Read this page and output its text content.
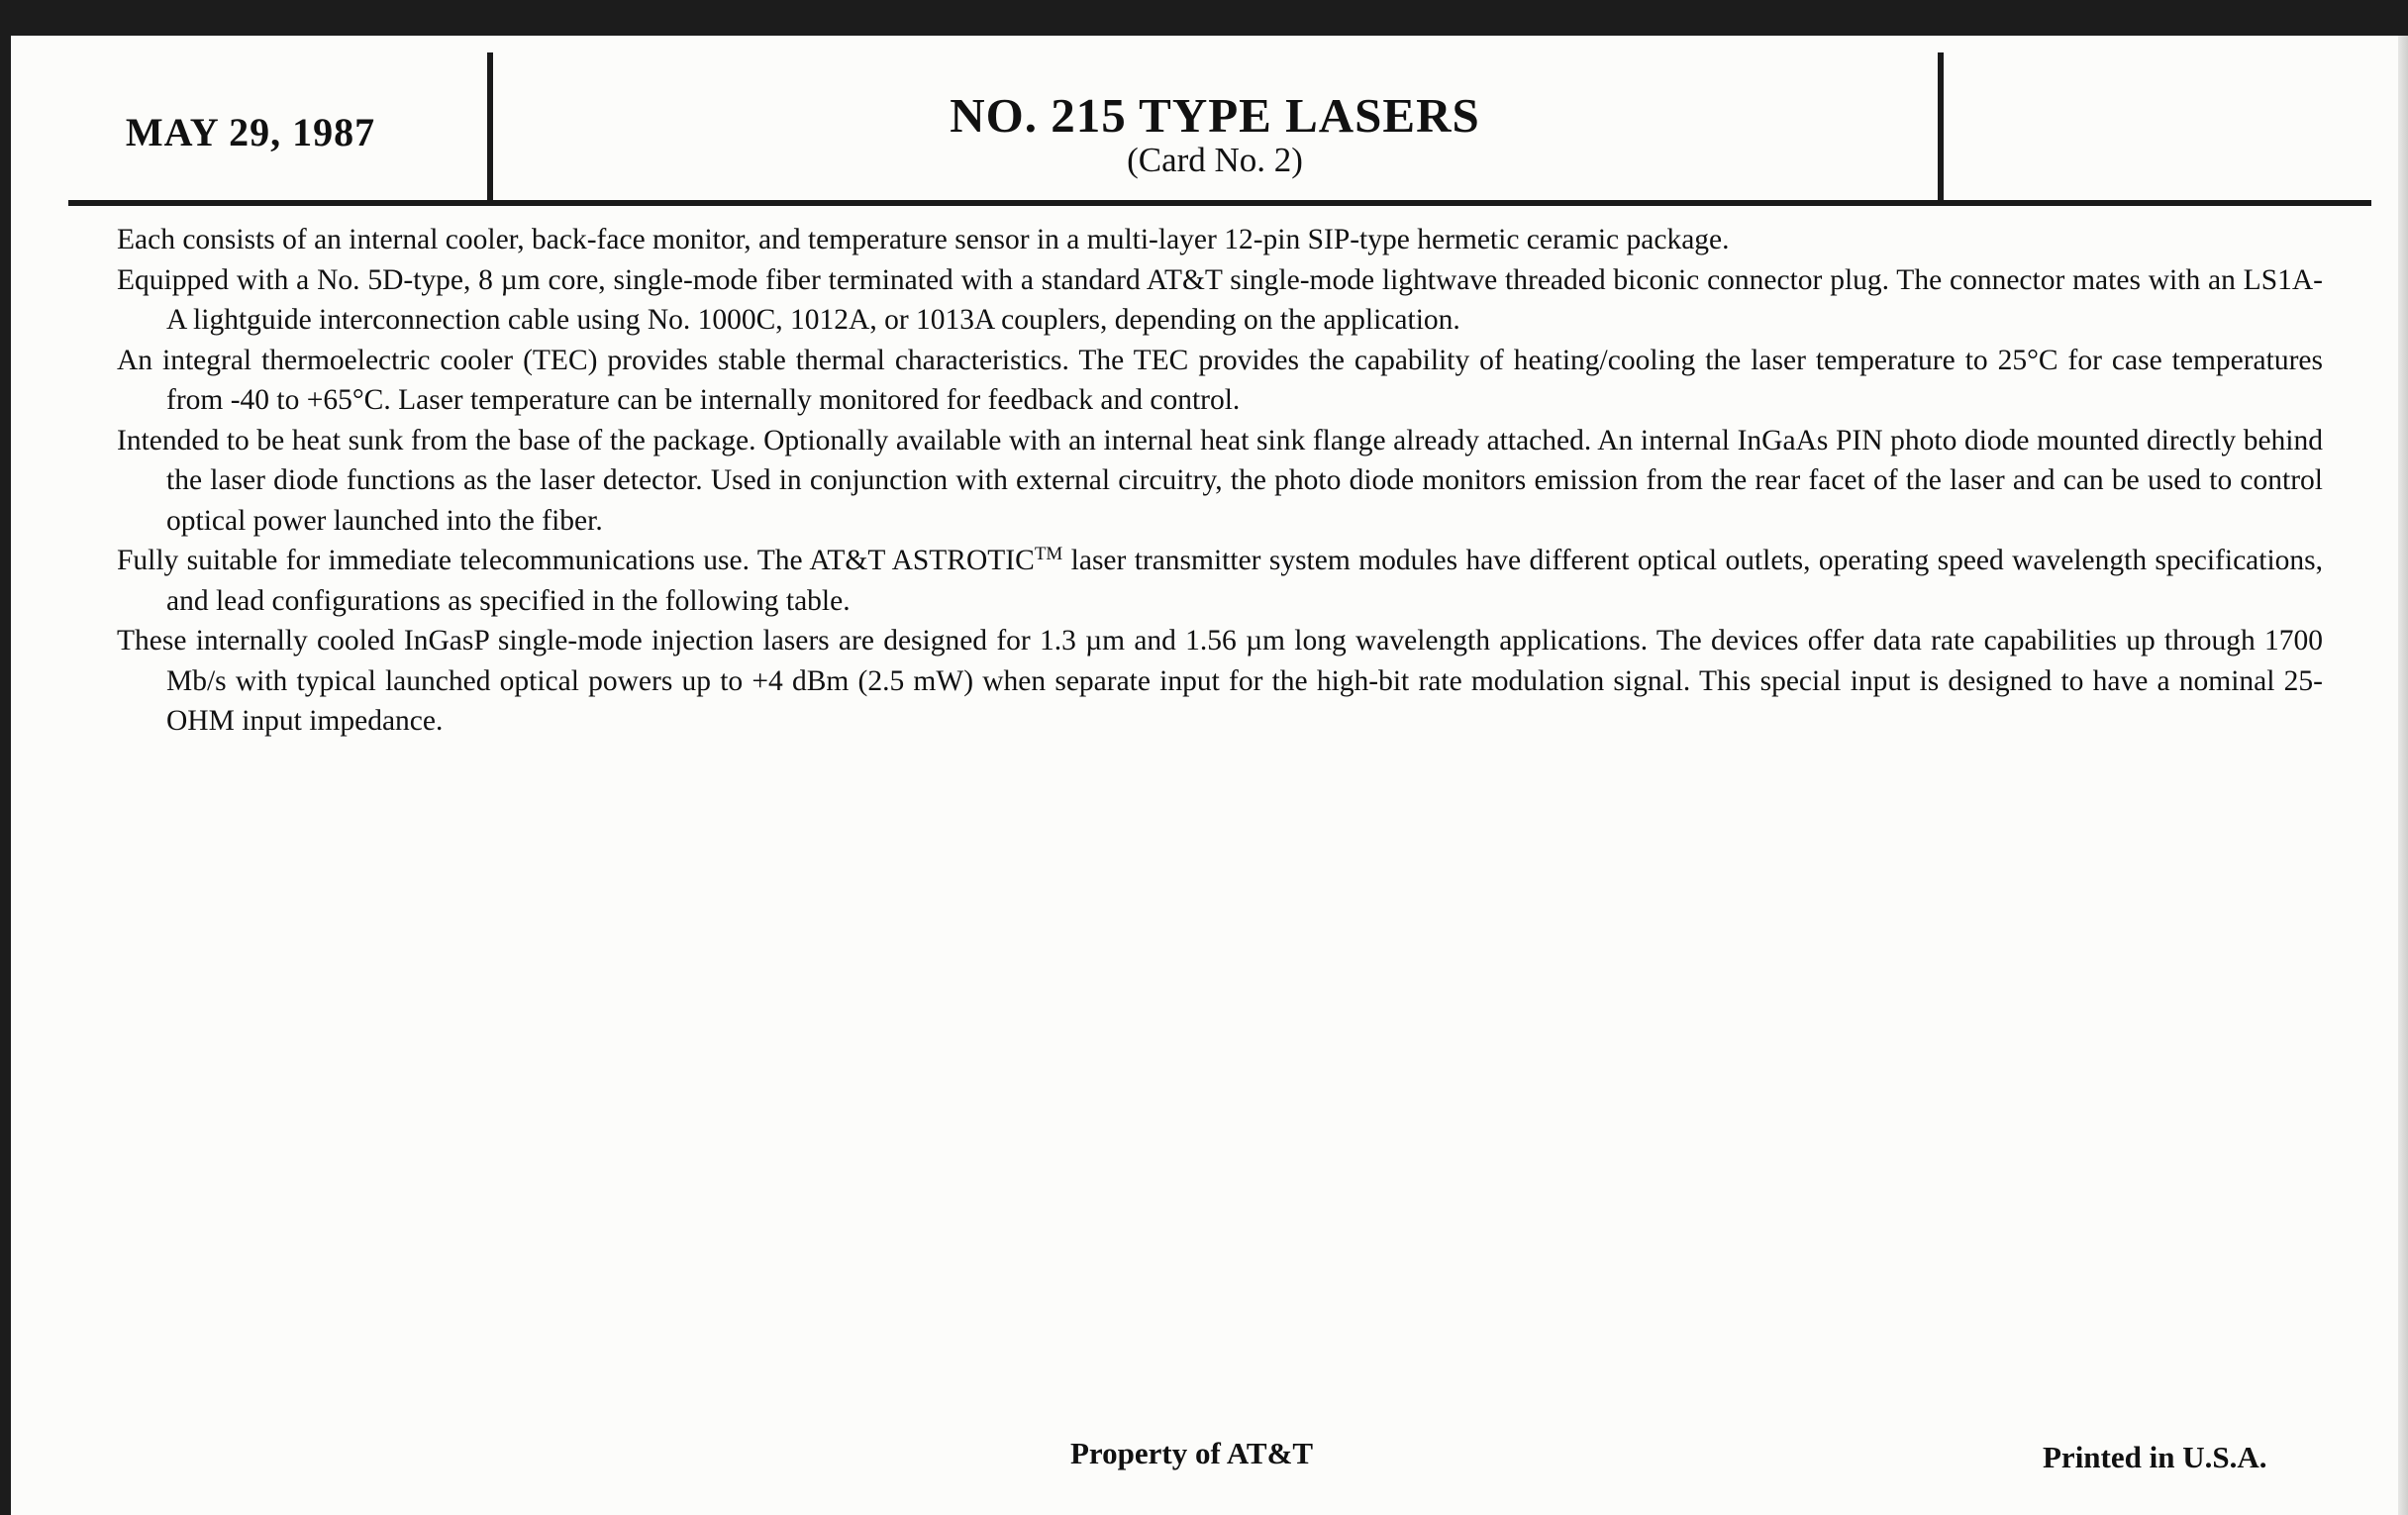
MAY 29, 1987	NO. 215 TYPE LASERS
(Card No. 2)

Each consists of an internal cooler, back-face monitor, and temperature sensor in a multi-layer 12-pin SIP-type hermetic ceramic package.

Equipped with a No. 5D-type, 8 µm core, single-mode fiber terminated with a standard AT&T single-mode lightwave threaded biconic connector plug. The connector mates with an LS1A-A lightguide interconnection cable using No. 1000C, 1012A, or 1013A couplers, depending on the application.

An integral thermoelectric cooler (TEC) provides stable thermal characteristics. The TEC provides the capability of heating/cooling the laser temperature to 25°C for case temperatures from -40 to +65°C. Laser temperature can be internally monitored for feedback and control.

Intended to be heat sunk from the base of the package. Optionally available with an internal heat sink flange already attached. An internal InGaAs PIN photo diode mounted directly behind the laser diode functions as the laser detector. Used in conjunction with external circuitry, the photo diode monitors emission from the rear facet of the laser and can be used to control optical power launched into the fiber.

Fully suitable for immediate telecommunications use. The AT&T ASTROTIC™ laser transmitter system modules have different optical outlets, operating speed wavelength specifications, and lead configurations as specified in the following table.

These internally cooled InGasP single-mode injection lasers are designed for 1.3 µm and 1.56 µm long wavelength applications. The devices offer data rate capabilities up through 1700 Mb/s with typical launched optical powers up to +4 dBm (2.5 mW) when separate input for the high-bit rate modulation signal. This special input is designed to have a nominal 25-OHM input impedance.

Property of AT&T	Printed in U.S.A.
